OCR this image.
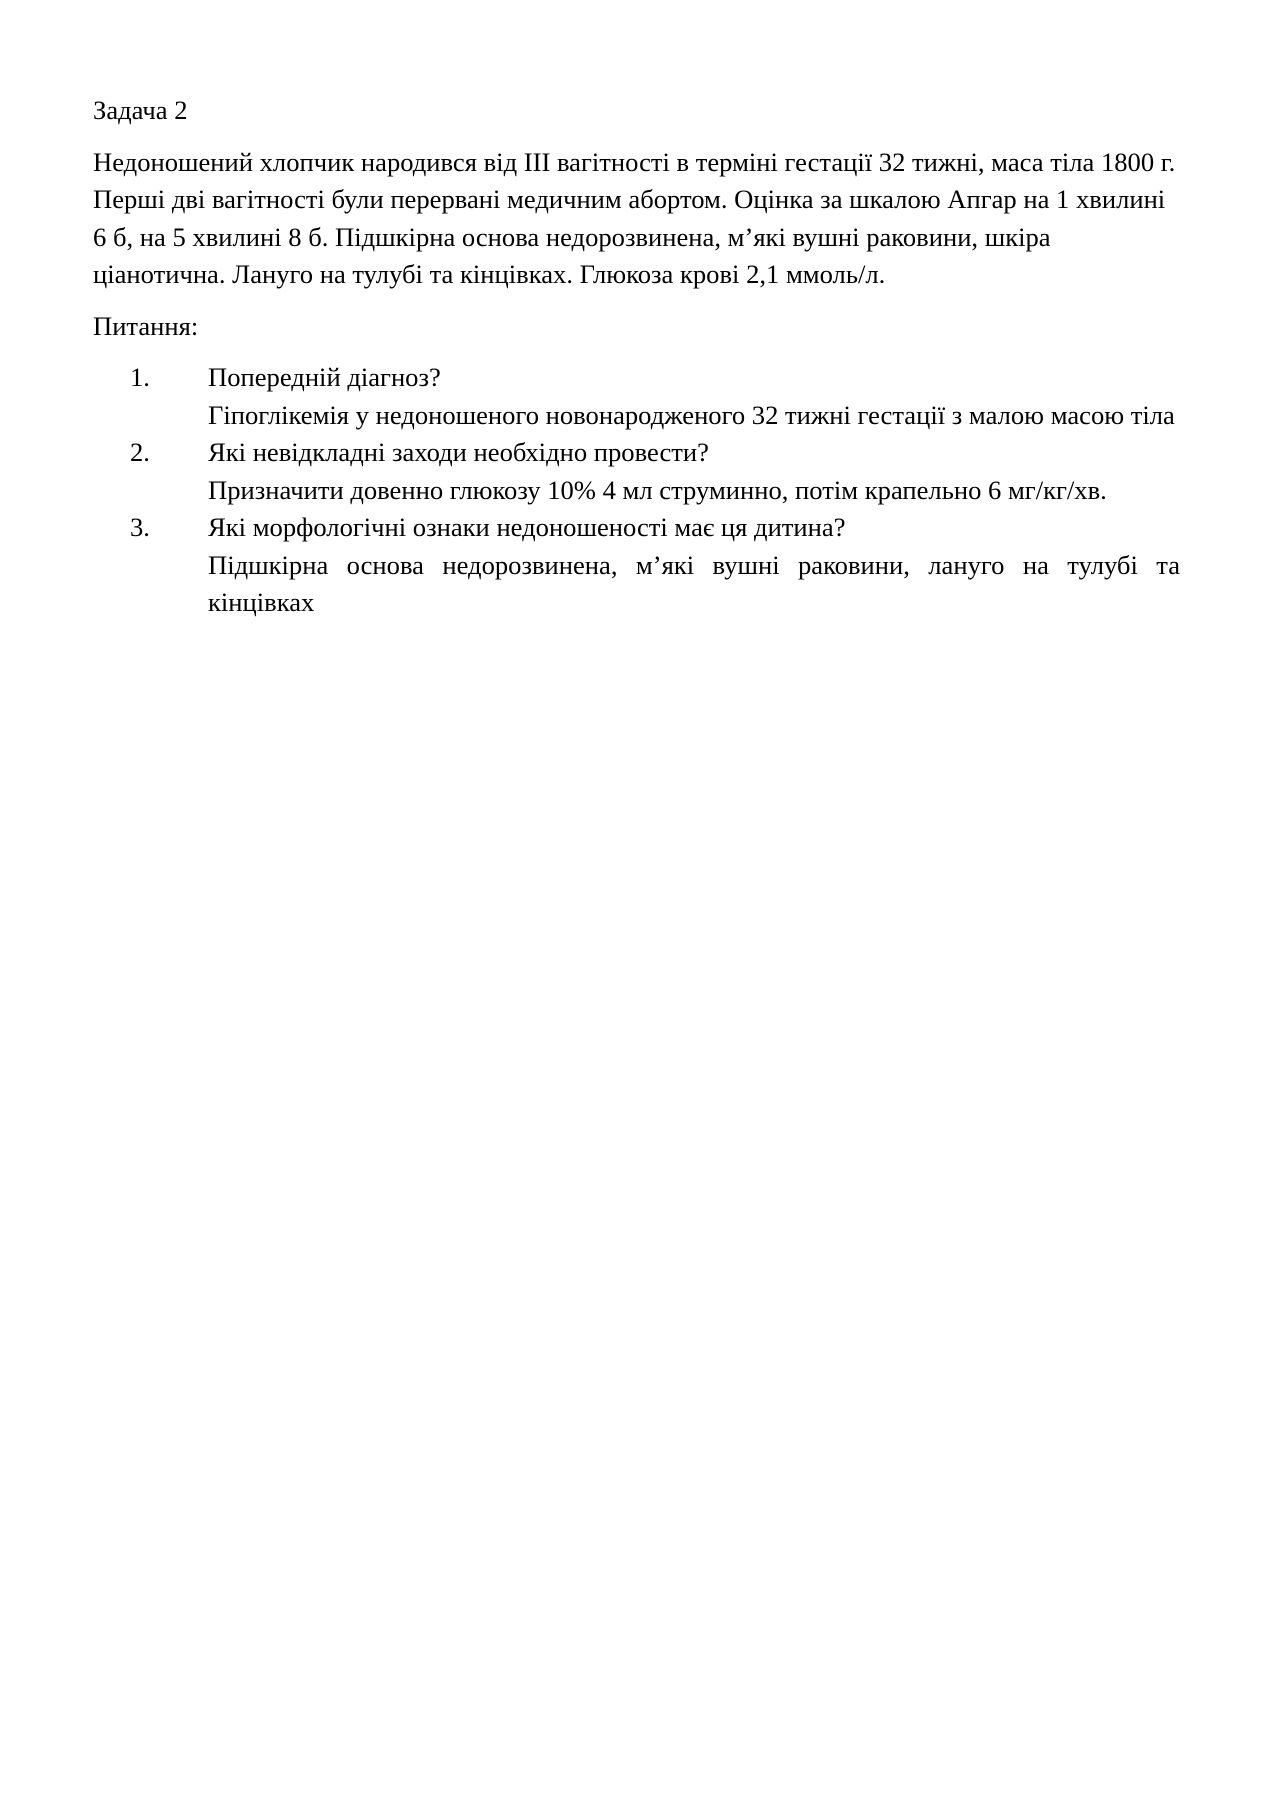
Задача 2

Недоношений хлопчик народився від III вагітності в терміні гестації 32 тижні, маса тіла 1800 г. Перші дві вагітності були перервані медичним абортом. Оцінка за шкалою Апгар на 1 хвилині 6 б, на 5 хвилині 8 б. Підшкірна основа недорозвинена, м’які вушні раковини, шкіра ціанотична. Лануго на тулубі та кінцівках. Глюкоза крові 2,1 ммоль/л.

Питання:

1. Попередній діагноз?
Гіпоглікемія у недоношеного новонародженого 32 тижні гестації з малою масою тіла
2. Які невідкладні заходи необхідно провести?
Призначити довенно глюкозу 10% 4 мл струминно, потім крапельно 6 мг/кг/хв.
3. Які морфологічні ознаки недоношеності має ця дитина?
Підшкірна основа недорозвинена, м’які вушні раковини, лануго на тулубі та кінцівках
